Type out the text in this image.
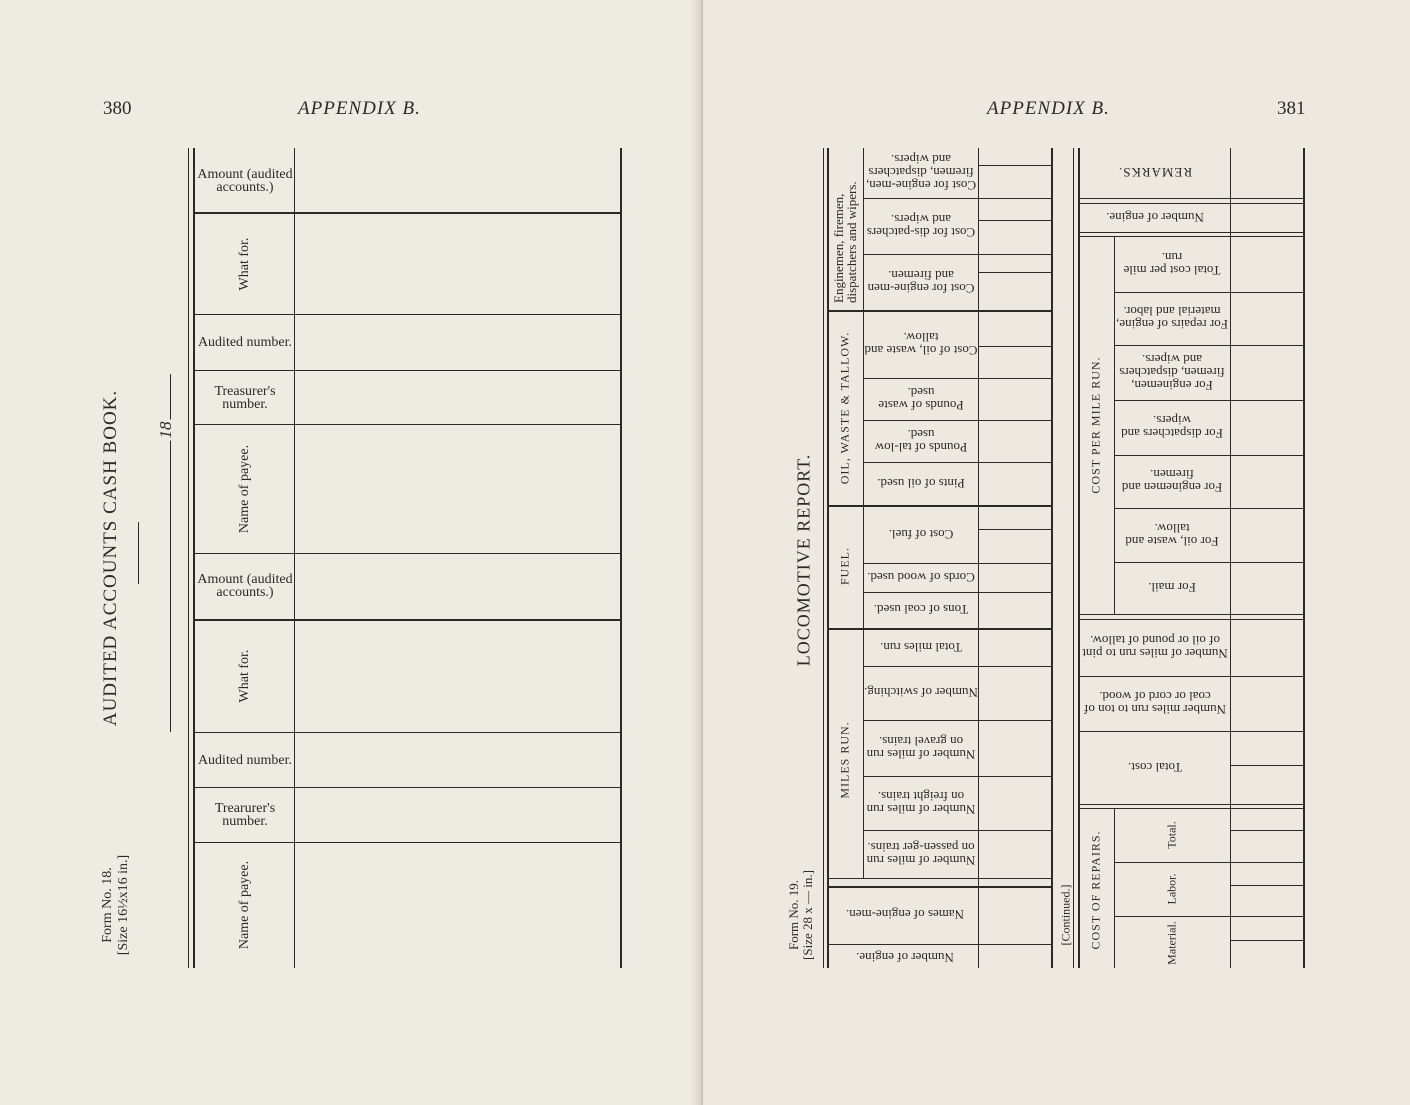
380	APPENDIX B.
AUDITED ACCOUNTS CASH BOOK. 18
Form No. 18. [Size 16½x16 in.]
Amount (audited accounts.)
What for.
Audited number.
Treasurer's number.
Name of payee.
Amount (audited accounts.)
What for.
Audited number.
Trearurer's number.
Name of payee.
APPENDIX B.	381
LOCOMOTIVE REPORT.
Form No. 19. [Size 28 x — in.]
MILES RUN.
FUEL.
OIL, WASTE & TALLOW.
Enginemen, firemen, dispatchers and wipers.
Number of engine.
Names of engine-men.
Number of miles run on passen-ger trains.
Number of miles run on freight trains.
Number of miles run on gravel trains.
Number of switching.
Total miles run.
Tons of coal used.
Cords of wood used.
Cost of fuel.
Pints of oil used.
Pounds of tal-low used.
Pounds of waste used.
Cost of oil, waste and tallow.
Cost for engine-men and firemen.
Cost for dis-patchers and wipers.
Cost for engine-men, firemen, dispatchers and wipers.
[Continued.] COST OF REPAIRS.
COST PER MILE RUN.
Material.
Labor.
Total.
Total cost.
Number miles run to ton of coal or cord of wood.
Number of miles run to pint of oil or pound of tallow.
For mail.
For oil, waste and tallow.
For enginemen and firemen.
For dispatchers and wipers.
For enginemen, firemen, dispatchers and wipers.
For repairs of engine, material and labor.
Total cost per mile run.
Number of engine.
REMARKS.
